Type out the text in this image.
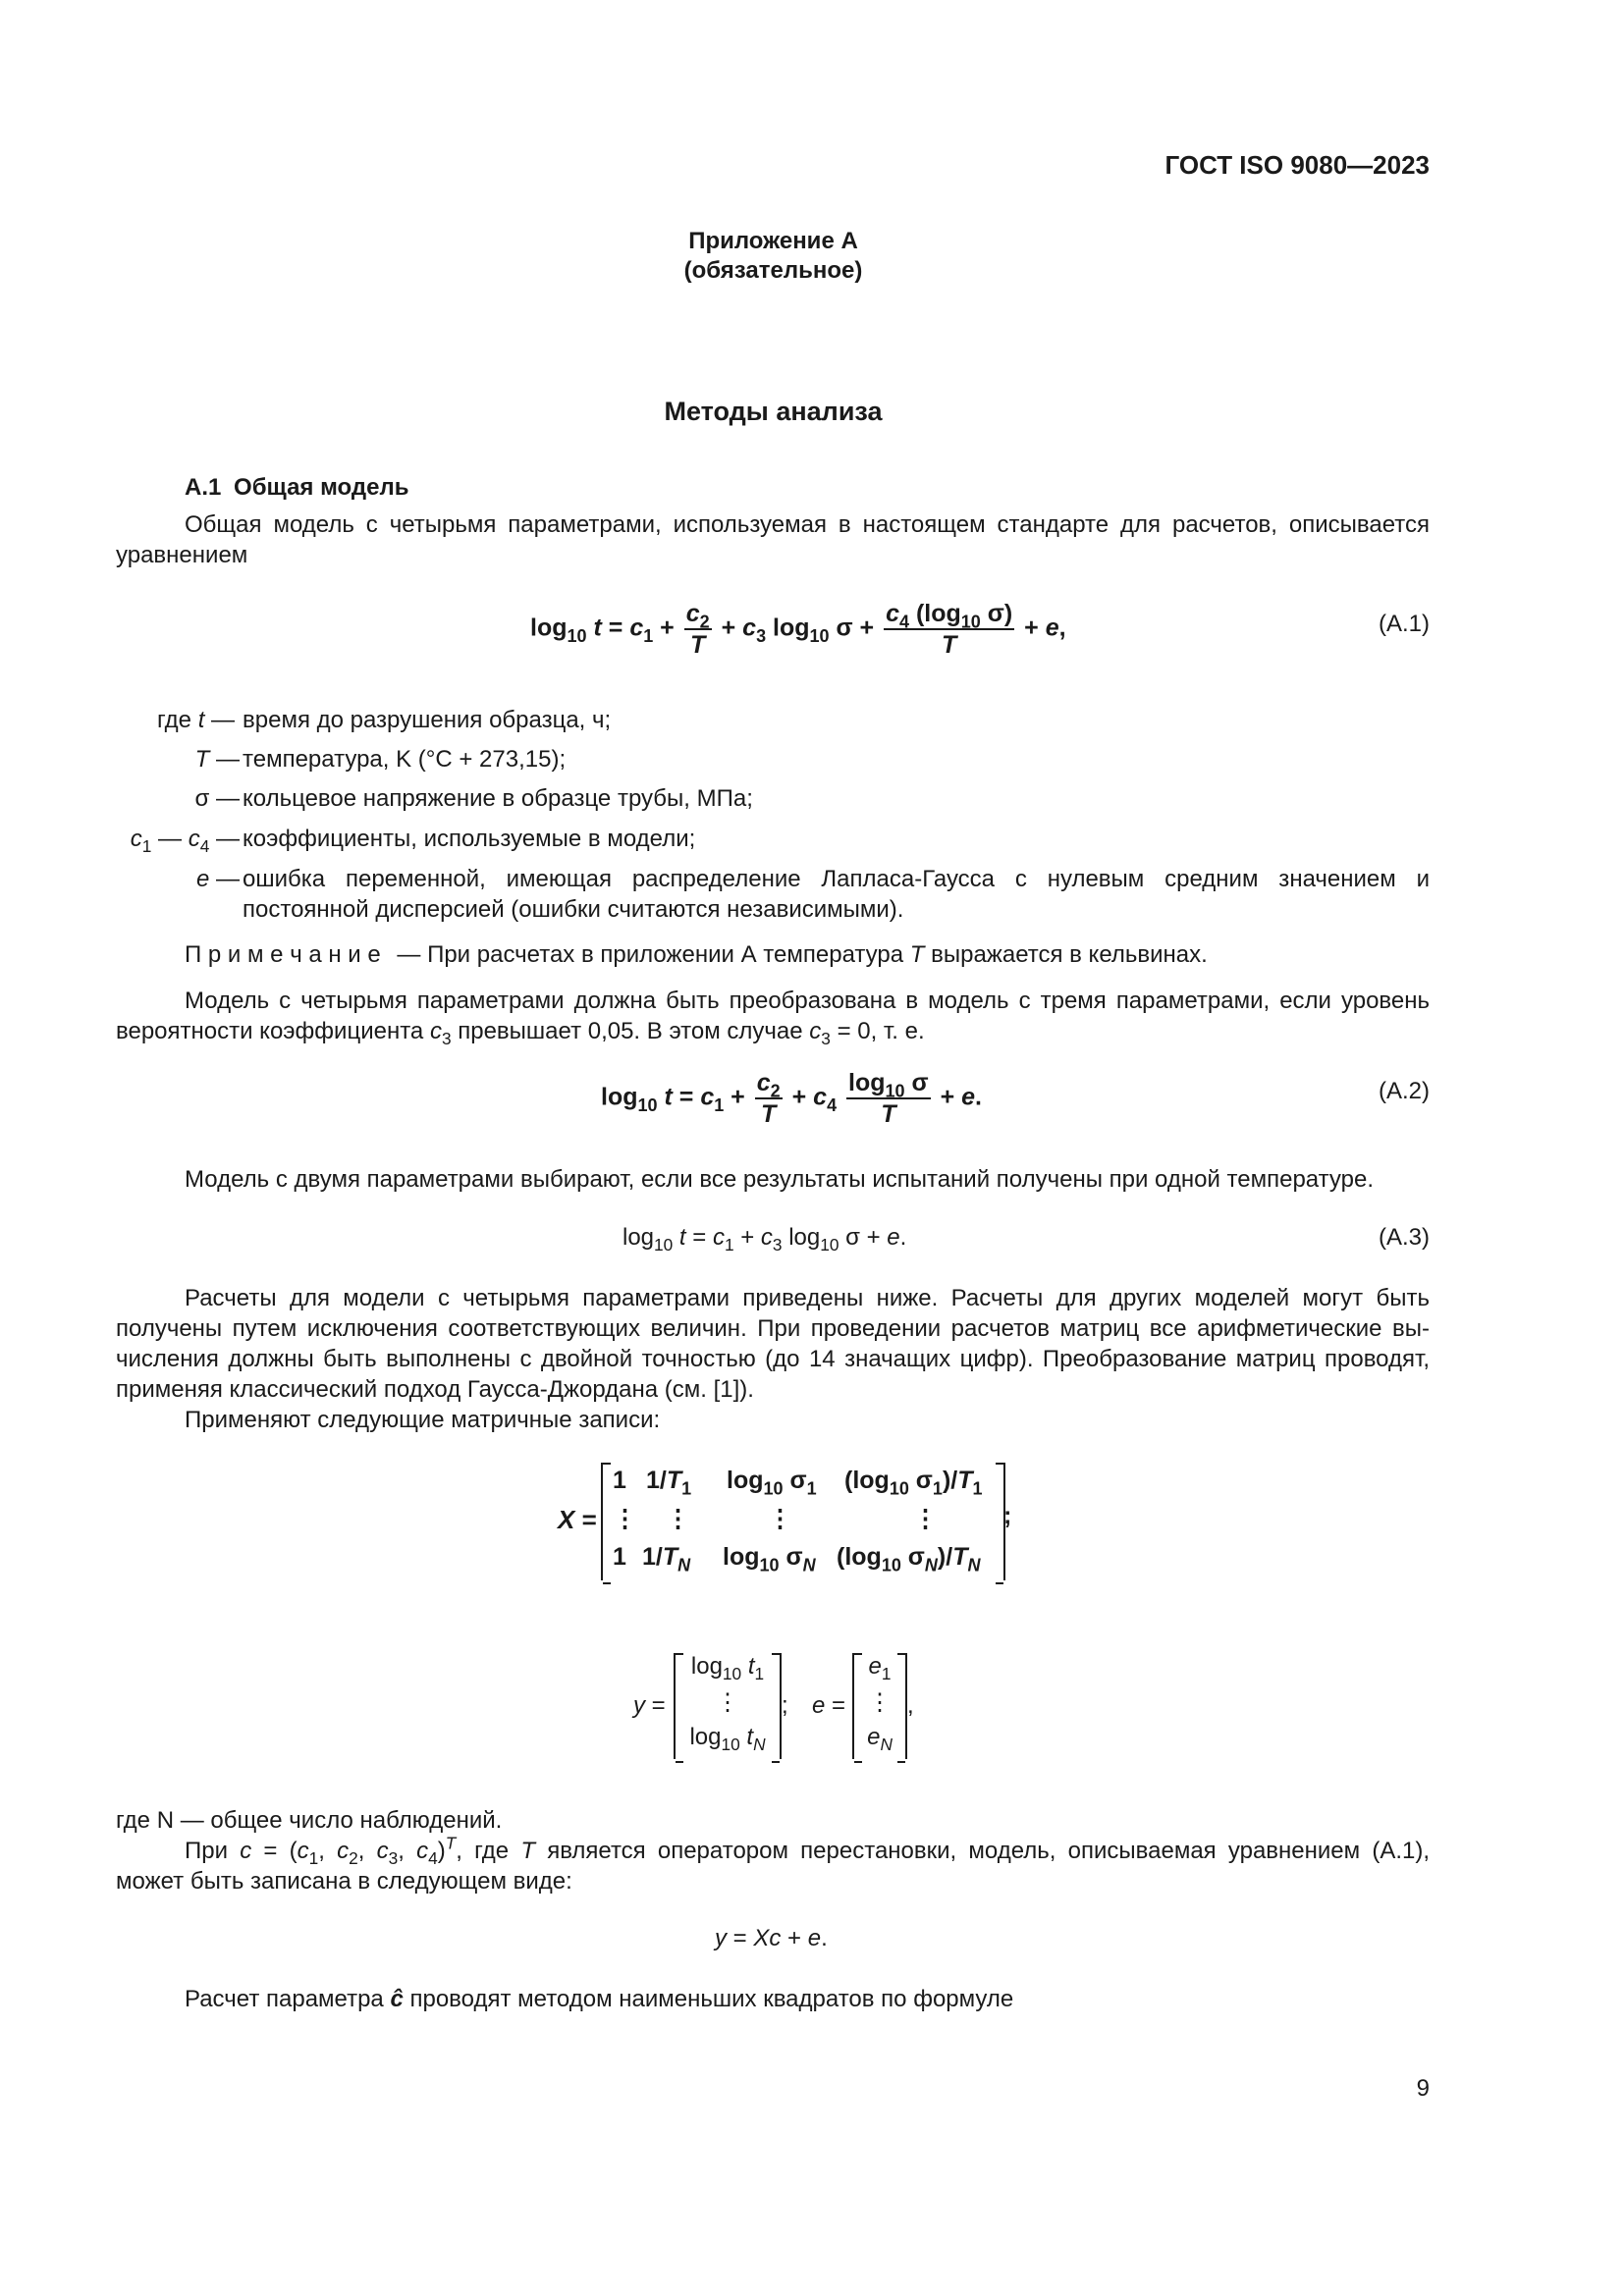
ГОСТ ISO 9080—2023
Приложение А
(обязательное)
Методы анализа
А.1 Общая модель
Общая модель с четырьмя параметрами, используемая в настоящем стандарте для расчетов, описывается
уравнением
$\log_{10} t = c_1 + \frac{c_2}{T} + c_3$ $\log_{10} \sigma + \frac{c_4 (\log_{10} \sigma)}{T} + e$,	(А.1)
где t — время до разрушения образца, ч;
T — температура, K (°C + 273,15);
σ — кольцевое напряжение в образце трубы, МПа;
$c_1$ — $c_4$ — коэффициенты, используемые в модели;
e — ошибка переменной, имеющая распределение Лапласа-Гаусса с нулевым средним значением и
постоянной дисперсией (ошибки считаются независимыми).
П р и м е ч а н и е — При расчетах в приложении А температура T выражается в кельвинах.
Модель с четырьмя параметрами должна быть преобразована в модель с тремя параметрами, если уровень
вероятности коэффициента $c_3$ превышает 0,05. В этом случае $c_3 = 0$, т. е.
$\log_{10} t = c_1 + \frac{c_2}{T} + c_4 \frac{\log_{10} \sigma}{T} + e$.	(А.2)
Модель с двумя параметрами выбирают, если все результаты испытаний получены при одной температуре.
$\log_{10} t = c_1 + c_3$ $\log_{10} \sigma + e$.	(А.3)
Расчеты для модели с четырьмя параметрами приведены ниже. Расчеты для других моделей могут быть
получены путем исключения соответствующих величин. При проведении расчетов матриц все арифметические вы-
числения должны быть выполнены с двойной точностью (до 14 значащих цифр). Преобразование матриц проводят,
применяя классический подход Гаусса-Джордана (см. [1]).
Применяют следующие матричные записи:
X =
1 $1/T_1$ $\log_{10} \sigma_1$ ($\log_{10}$ $\sigma_1)/T_1$
⋮ ⋮	⋮	⋮
1 $1/T_N$ $\log_{10} \sigma_N$ ($\log_{10}$ $\sigma_N)/T_N$
;
y =
$\log_{10} t_1$
⋮
$\log_{10} t_N$
; e =
$e_1$
⋮
$e_N$
,
где N — общее число наблюдений.
При $c = (c_1$, $c_2$, $c_3$, $c_4)^T$, где T является оператором перестановки, модель, описываемая уравнением (А.1),
может быть записана в следующем виде:
y = Xc + e.
Расчет параметра ĉ проводят методом наименьших квадратов по формуле
9
